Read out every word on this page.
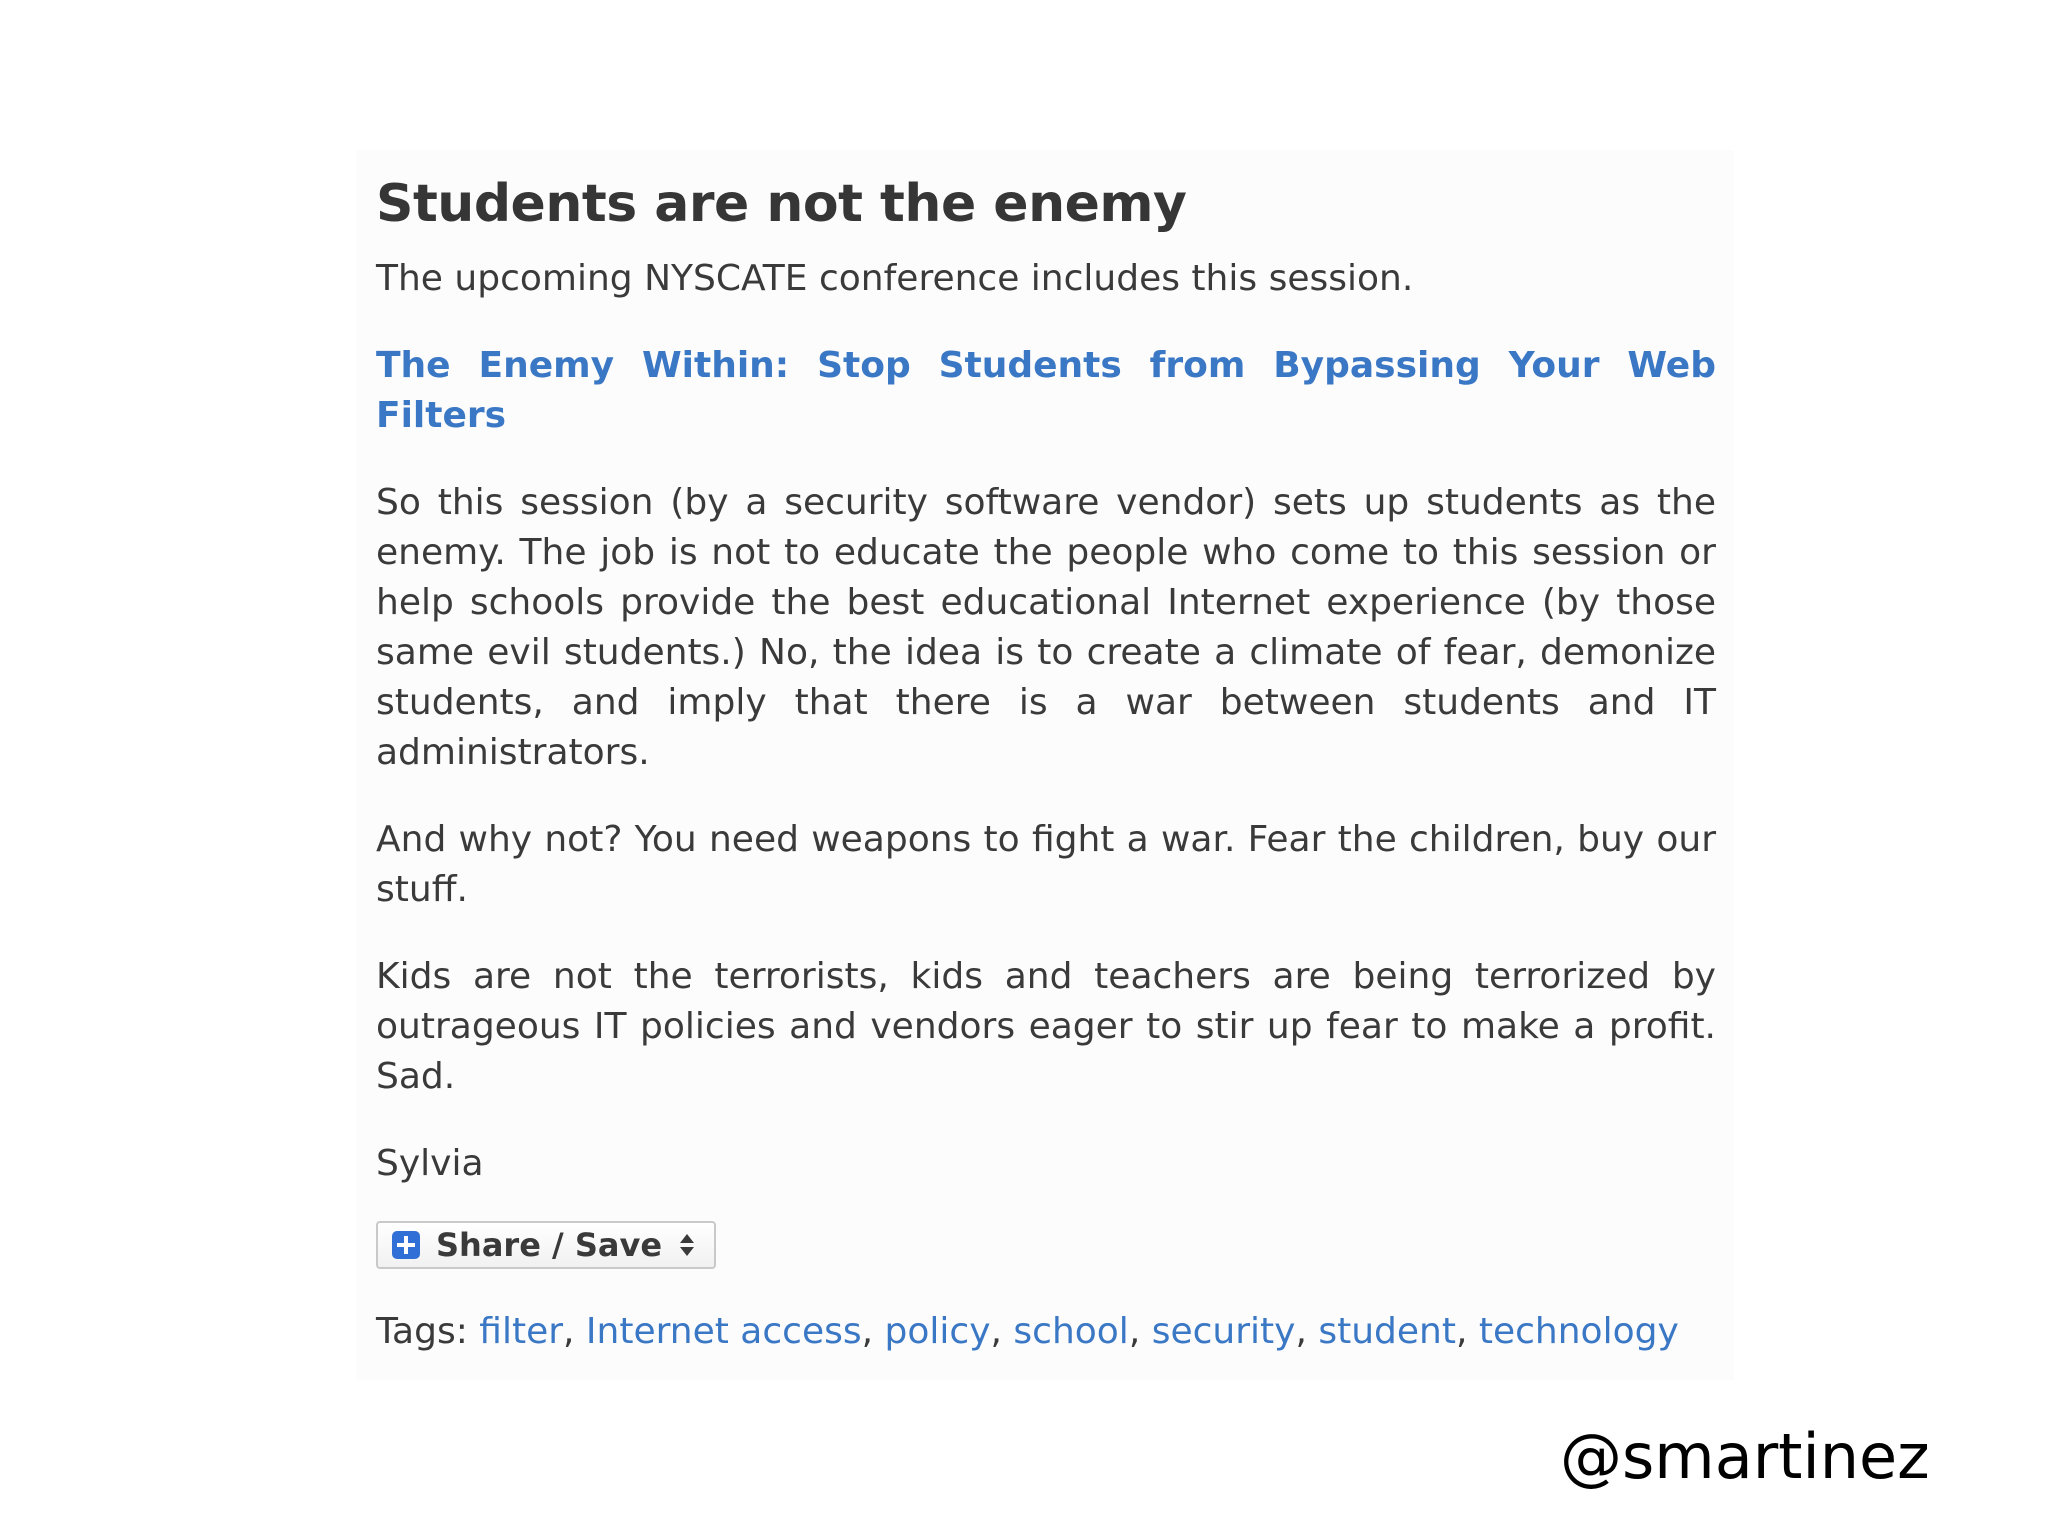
Students are not the enemy

The upcoming NYSCATE conference includes this session.

The Enemy Within: Stop Students from Bypassing Your Web Filters

So this session (by a security software vendor) sets up students as the enemy. The job is not to educate the people who come to this session or help schools provide the best educational Internet experience (by those same evil students.) No, the idea is to create a climate of fear, demonize students, and imply that there is a war between students and IT administrators.

And why not? You need weapons to fight a war. Fear the children, buy our stuff.

Kids are not the terrorists, kids and teachers are being terrorized by outrageous IT policies and vendors eager to stir up fear to make a profit. Sad.

Sylvia
Share / Save

Tags: filter, Internet access, policy, school, security, student, technology

@smartinez
